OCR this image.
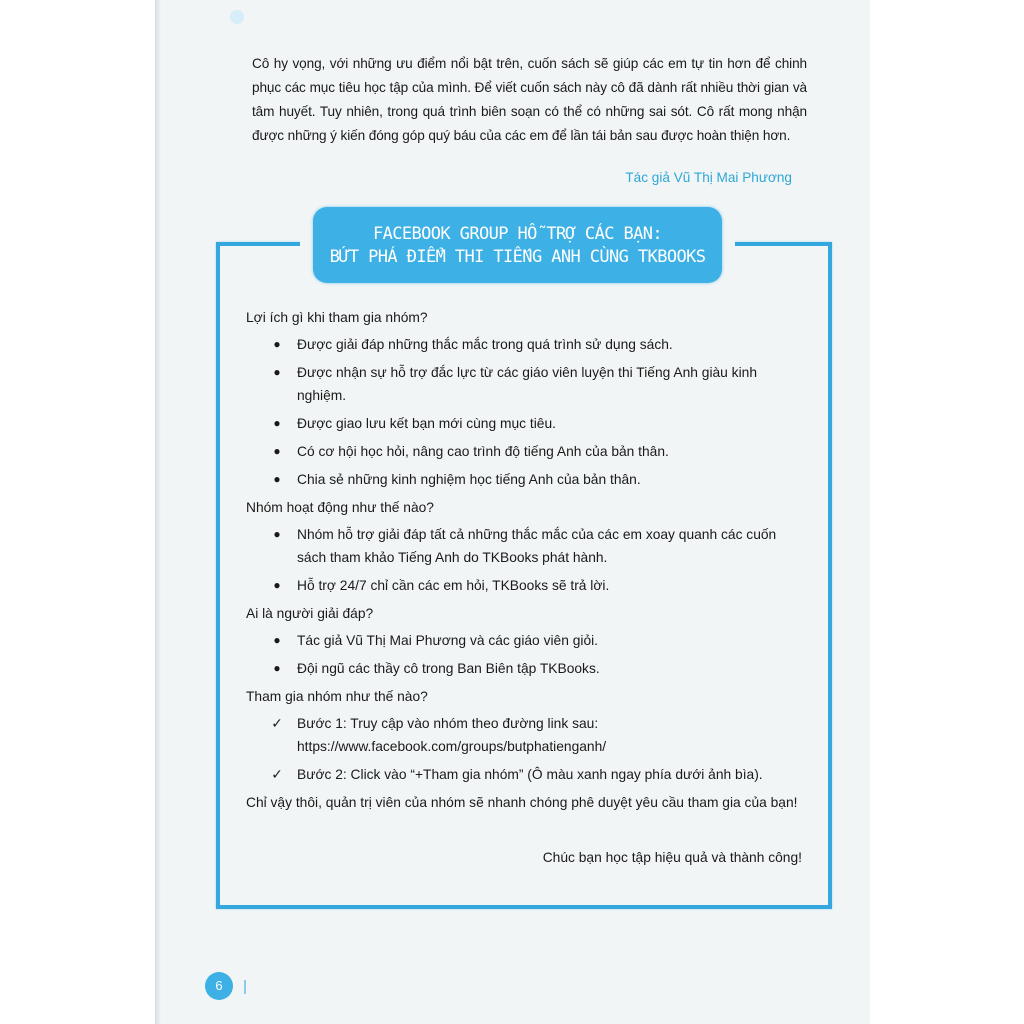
Cô hy vọng, với những ưu điểm nổi bật trên, cuốn sách sẽ giúp các em tự tin hơn để chinh phục các mục tiêu học tập của mình. Để viết cuốn sách này cô đã dành rất nhiều thời gian và tâm huyết. Tuy nhiên, trong quá trình biên soạn có thể có những sai sót. Cô rất mong nhận được những ý kiến đóng góp quý báu của các em để lần tái bản sau được hoàn thiện hơn.

Tác giả Vũ Thị Mai Phương
FACEBOOK GROUP HỖ TRỢ CÁC BẠN:
BỨT PHÁ ĐIỂM THI TIẾNG ANH CÙNG TKBOOKS

Lợi ích gì khi tham gia nhóm?

● Được giải đáp những thắc mắc trong quá trình sử dụng sách.
● Được nhận sự hỗ trợ đắc lực từ các giáo viên luyện thi Tiếng Anh giàu kinh nghiệm.
● Được giao lưu kết bạn mới cùng mục tiêu.
● Có cơ hội học hỏi, nâng cao trình độ tiếng Anh của bản thân.
● Chia sẻ những kinh nghiệm học tiếng Anh của bản thân.

Nhóm hoạt động như thế nào?

● Nhóm hỗ trợ giải đáp tất cả những thắc mắc của các em xoay quanh các cuốn sách tham khảo Tiếng Anh do TKBooks phát hành.
● Hỗ trợ 24/7 chỉ cần các em hỏi, TKBooks sẽ trả lời.

Ai là người giải đáp?

● Tác giả Vũ Thị Mai Phương và các giáo viên giỏi.
● Đội ngũ các thầy cô trong Ban Biên tập TKBooks.

Tham gia nhóm như thế nào?

✓ Bước 1: Truy cập vào nhóm theo đường link sau: https://www.facebook.com/groups/butphatienganh/
✓ Bước 2: Click vào “+Tham gia nhóm” (Ô màu xanh ngay phía dưới ảnh bìa).

Chỉ vậy thôi, quản trị viên của nhóm sẽ nhanh chóng phê duyệt yêu cầu tham gia của bạn!

Chúc bạn học tập hiệu quả và thành công!

6
